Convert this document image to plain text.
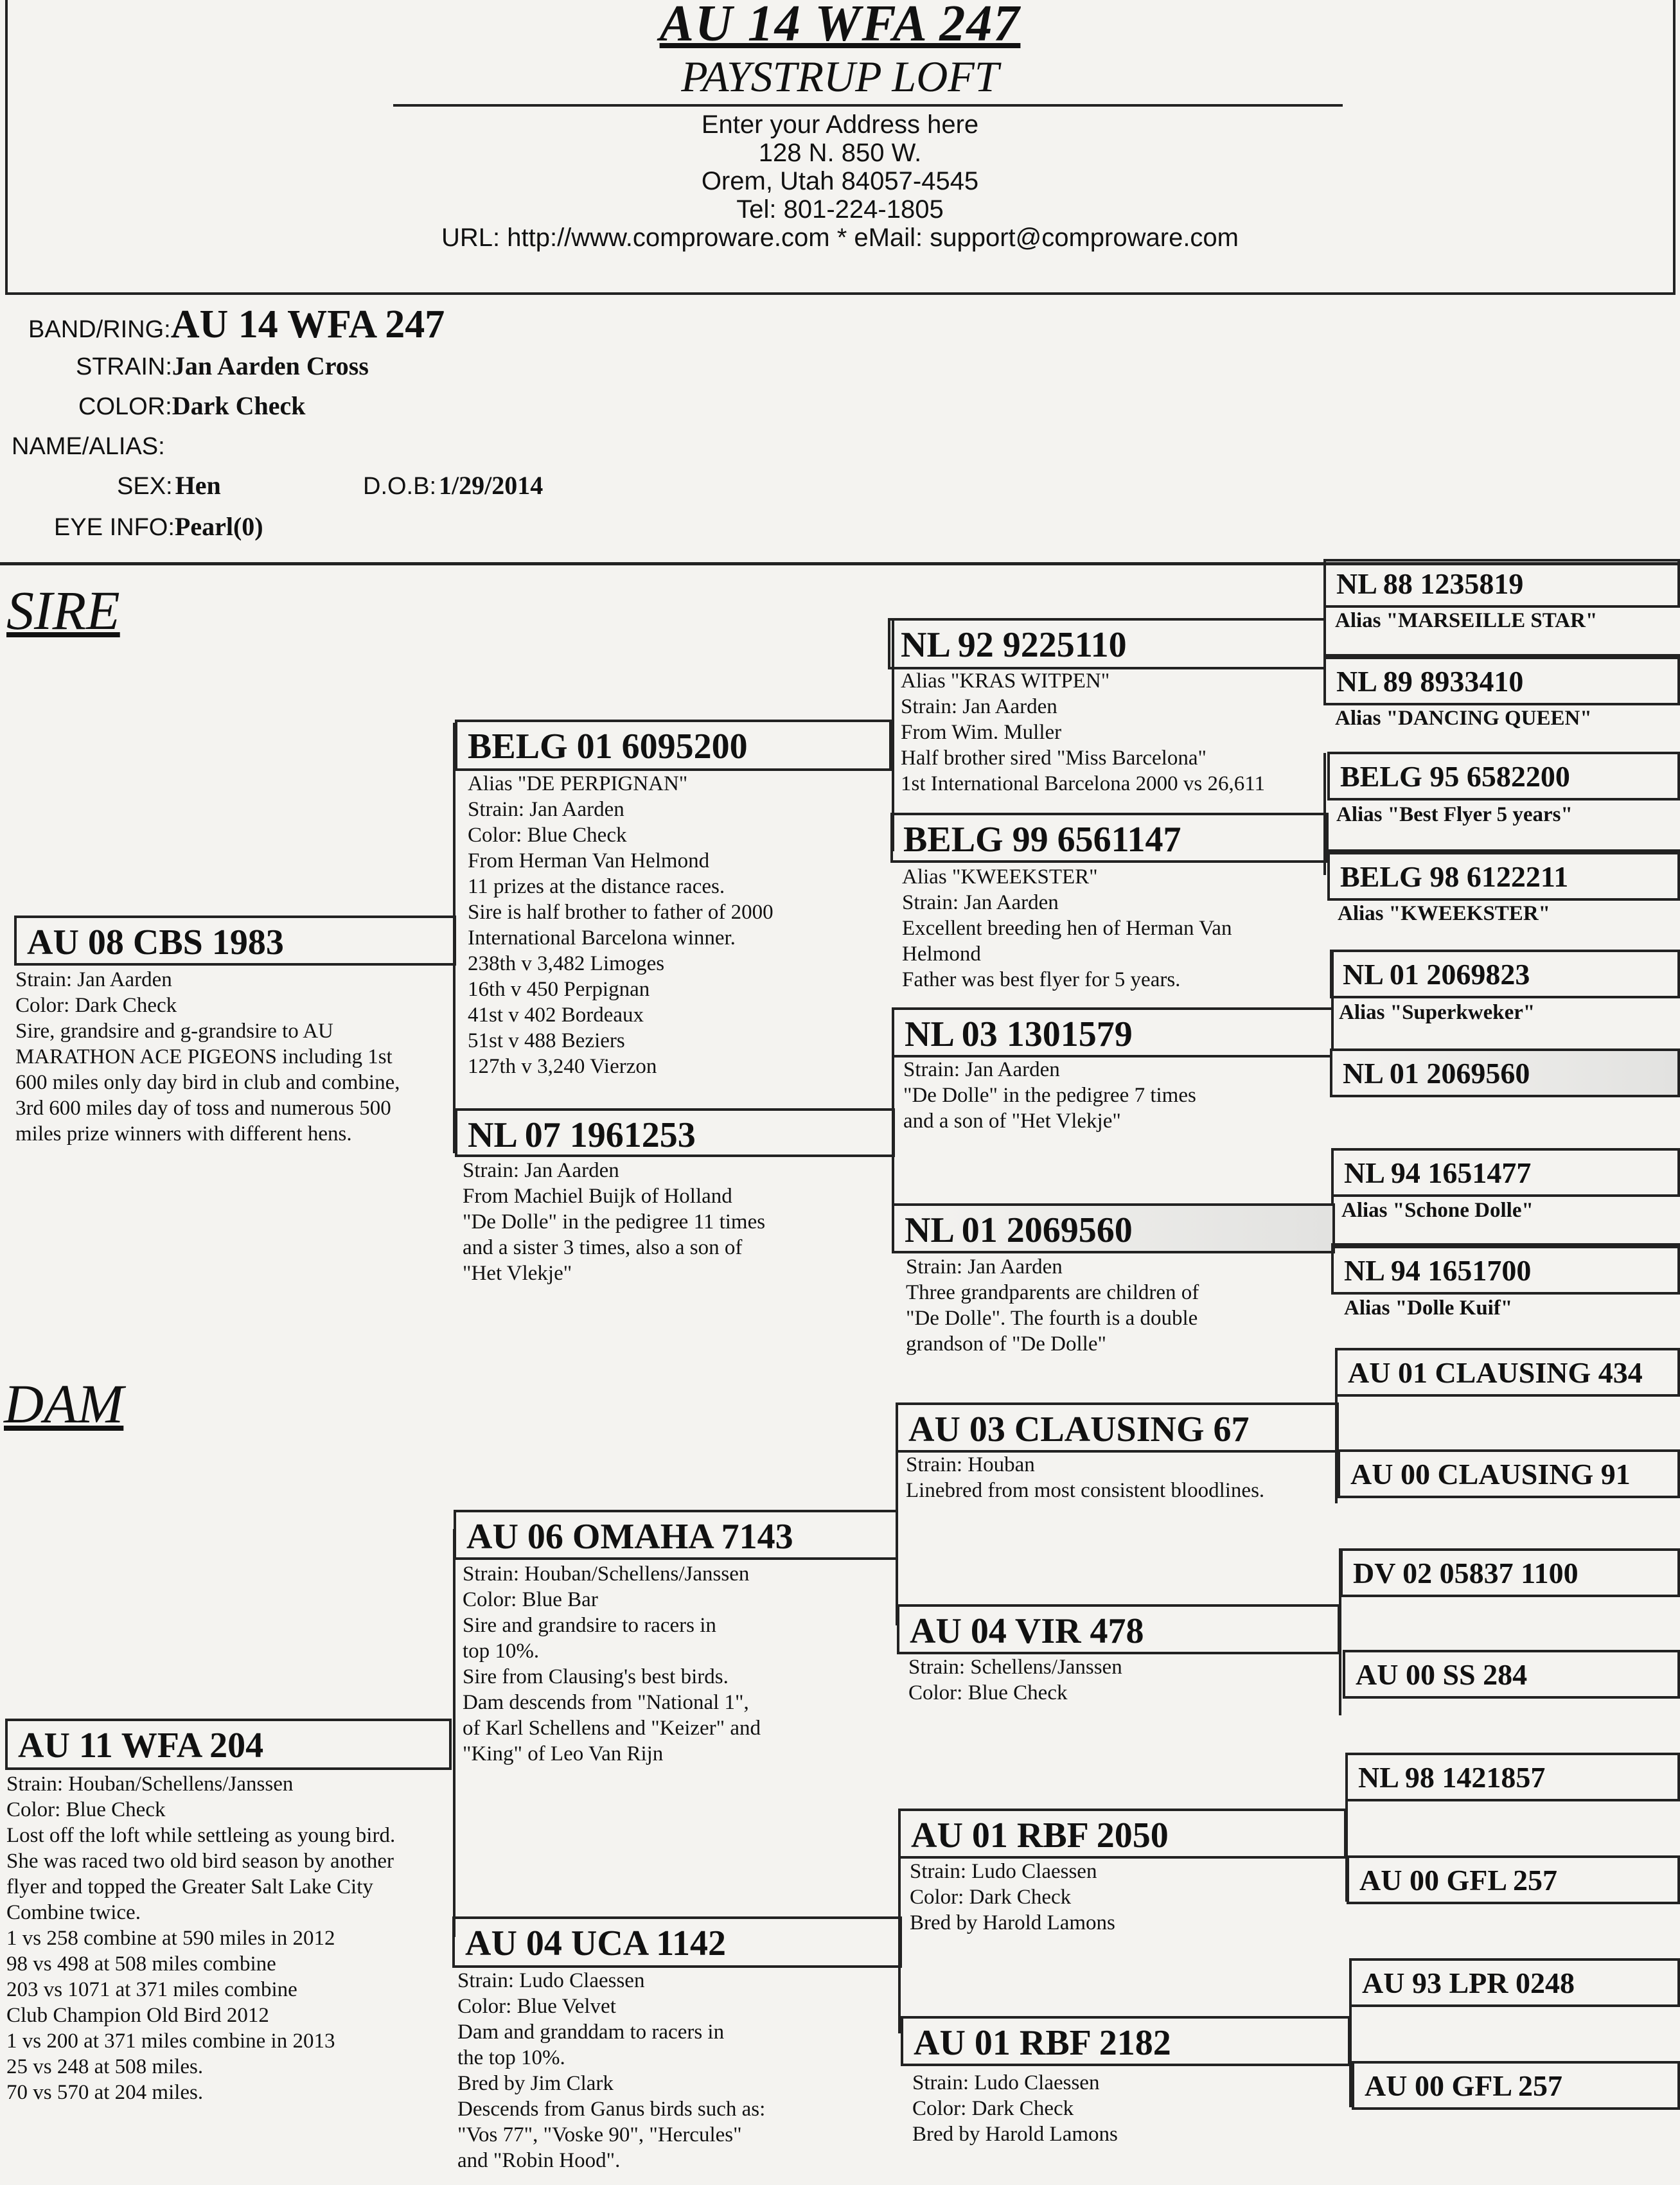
AU 14 WFA 247
PAYSTRUP LOFT
Enter your Address here
128 N. 850 W.
Orem, Utah 84057-4545
Tel: 801-224-1805
URL: http://www.comproware.com * eMail: support@comproware.com
BAND/RING:AU 14 WFA 247
STRAIN:Jan Aarden Cross
COLOR:Dark Check
NAME/ALIAS:
SEX: Hen	D.O.B: 1/29/2014
EYE INFO:Pearl(0)
SIRE
DAM
AU 08 CBS 1983
Strain: Jan Aarden
Color: Dark Check
Sire, grandsire and g-grandsire to AU
MARATHON ACE PIGEONS including 1st
600 miles only day bird in club and combine,
3rd 600 miles day of toss and numerous 500
miles prize winners with different hens.
AU 11 WFA 204
Strain: Houban/Schellens/Janssen
Color: Blue Check
Lost off the loft while settleing as young bird.
She was raced two old bird season by another
flyer and topped the Greater Salt Lake City
Combine twice.
1 vs 258 combine at 590 miles in 2012
98 vs 498 at 508 miles combine
203 vs 1071 at 371 miles combine
Club Champion Old Bird 2012
1 vs 200 at 371 miles combine in 2013
25 vs 248 at 508 miles.
70 vs 570 at 204 miles.
BELG 01 6095200
Alias "DE PERPIGNAN"
Strain: Jan Aarden
Color: Blue Check
From Herman Van Helmond
11 prizes at the distance races.
Sire is half brother to father of 2000
International Barcelona winner.
238th v 3,482 Limoges
16th v 450 Perpignan
41st v 402 Bordeaux
51st v 488 Beziers
127th v 3,240 Vierzon
NL 07 1961253
Strain: Jan Aarden
From Machiel Buijk of Holland
"De Dolle" in the pedigree 11 times
and a sister 3 times, also a son of
"Het Vlekje"
AU 06 OMAHA 7143
Strain: Houban/Schellens/Janssen
Color: Blue Bar
Sire and grandsire to racers in
top 10%.
Sire from Clausing's best birds.
Dam descends from "National 1",
of Karl Schellens and "Keizer" and
"King" of Leo Van Rijn
AU 04 UCA 1142
Strain: Ludo Claessen
Color: Blue Velvet
Dam and granddam to racers in
the top 10%.
Bred by Jim Clark
Descends from Ganus birds such as:
"Vos 77", "Voske 90", "Hercules"
and "Robin Hood".
NL 92 9225110
Alias "KRAS WITPEN"
Strain: Jan Aarden
From Wim. Muller
Half brother sired "Miss Barcelona"
1st International Barcelona 2000 vs 26,611
BELG 99 6561147
Alias "KWEEKSTER"
Strain: Jan Aarden
Excellent breeding hen of Herman Van
Helmond
Father was best flyer for 5 years.
NL 03 1301579
Strain: Jan Aarden
"De Dolle" in the pedigree 7 times
and a son of "Het Vlekje"
NL 01 2069560
Strain: Jan Aarden
Three grandparents are children of
"De Dolle". The fourth is a double
grandson of "De Dolle"
AU 03 CLAUSING 67
Strain: Houban
Linebred from most consistent bloodlines.
AU 04 VIR 478
Strain: Schellens/Janssen
Color: Blue Check
AU 01 RBF 2050
Strain: Ludo Claessen
Color: Dark Check
Bred by Harold Lamons
AU 01 RBF 2182
Strain: Ludo Claessen
Color: Dark Check
Bred by Harold Lamons
NL 88 1235819
Alias "MARSEILLE STAR"
NL 89 8933410
Alias "DANCING QUEEN"
BELG 95 6582200
Alias "Best Flyer 5 years"
BELG 98 6122211
Alias "KWEEKSTER"
NL 01 2069823
Alias "Superkweker"
NL 01 2069560
NL 94 1651477
Alias "Schone Dolle"
NL 94 1651700
Alias "Dolle Kuif"
AU 01 CLAUSING 434
AU 00 CLAUSING 91
DV 02 05837 1100
AU 00 SS 284
NL 98 1421857
AU 00 GFL 257
AU 93 LPR 0248
AU 00 GFL 257
